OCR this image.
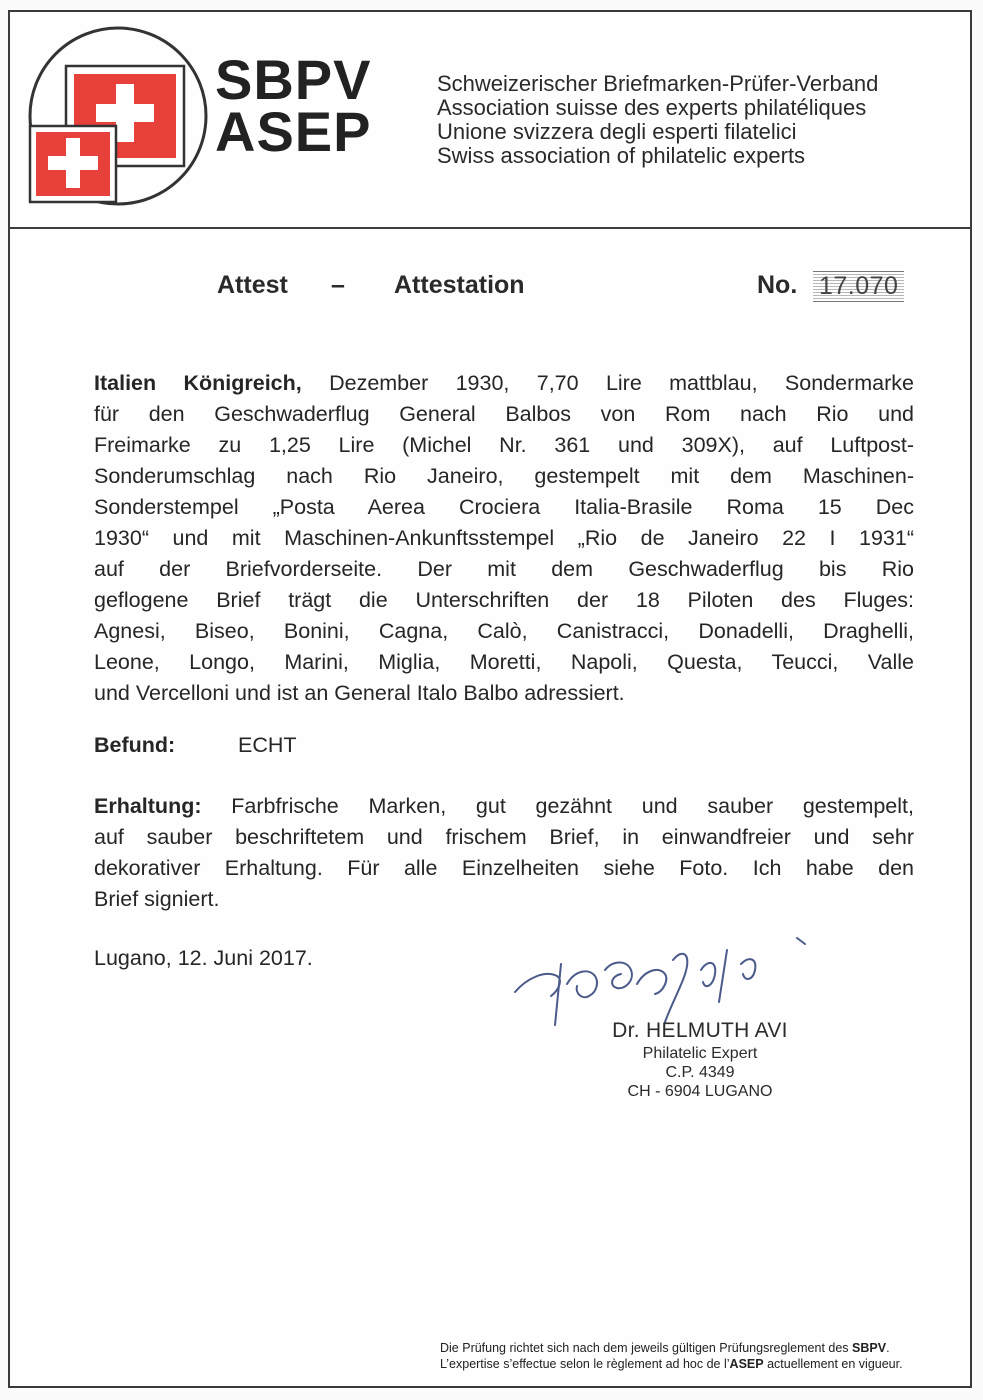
SBPV
ASEP
Schweizerischer Briefmarken-Prüfer-Verband
Association suisse des experts philatéliques
Unione svizzera degli esperti filatelici
Swiss association of philatelic experts
Attest – Attestation	No. 17.070
Italien Königreich, Dezember 1930, 7,70 Lire mattblau, Sondermarke
für den Geschwaderflug General Balbos von Rom nach Rio und
Freimarke zu 1,25 Lire (Michel Nr. 361 und 309X), auf Luftpost-
Sonderumschlag nach Rio Janeiro, gestempelt mit dem Maschinen-
Sonderstempel „Posta Aerea Crociera Italia-Brasile Roma 15 Dec
1930“ und mit Maschinen-Ankunftsstempel „Rio de Janeiro 22 I 1931“
auf der Briefvorderseite. Der mit dem Geschwaderflug bis Rio
geflogene Brief trägt die Unterschriften der 18 Piloten des Fluges:
Agnesi, Biseo, Bonini, Cagna, Calò, Canistracci, Donadelli, Draghelli,
Leone, Longo, Marini, Miglia, Moretti, Napoli, Questa, Teucci, Valle
und Vercelloni und ist an General Italo Balbo adressiert.
Befund:	ECHT
Erhaltung: Farbfrische Marken, gut gezähnt und sauber gestempelt,
auf sauber beschriftetem und frischem Brief, in einwandfreier und sehr
dekorativer Erhaltung. Für alle Einzelheiten siehe Foto. Ich habe den
Brief signiert.
Lugano, 12. Juni 2017.
Dr. HELMUTH AVI
Philatelic Expert
C.P. 4349
CH - 6904 LUGANO
Die Prüfung richtet sich nach dem jeweils gültigen Prüfungsreglement des SBPV.
L’expertise s’effectue selon le règlement ad hoc de l’ASEP actuellement en vigueur.
